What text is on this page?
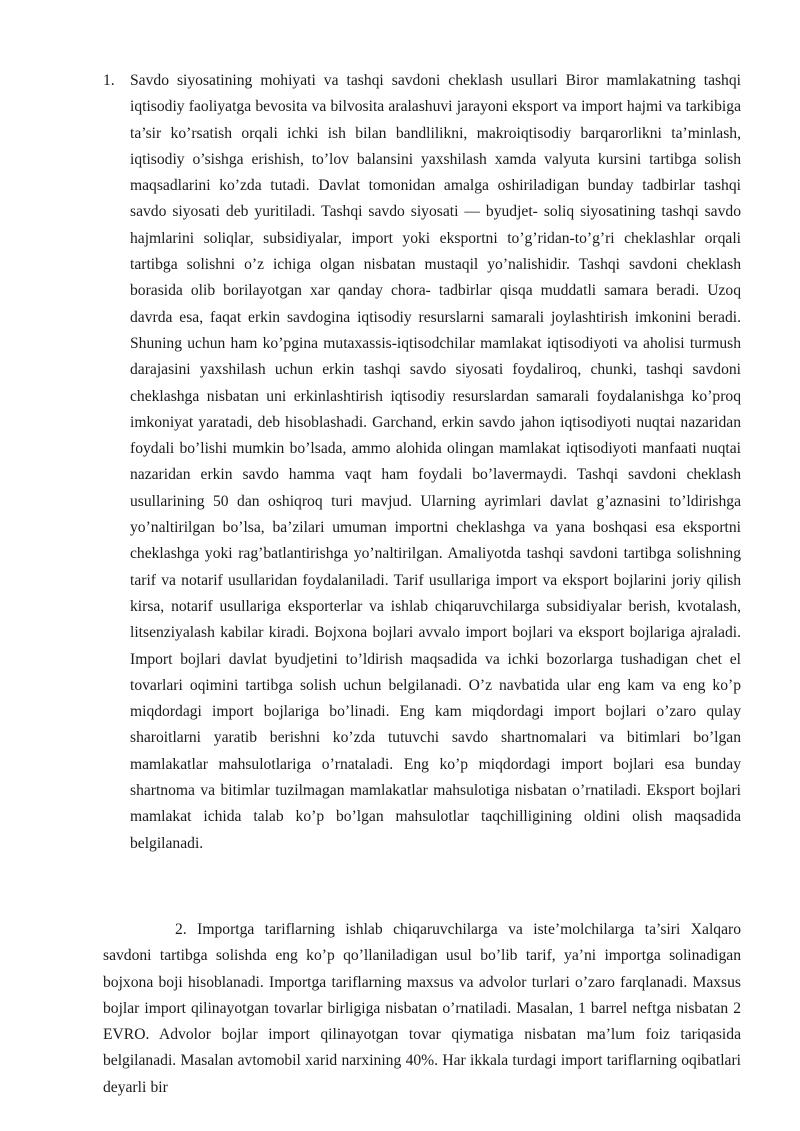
1. Savdo siyosatining mohiyati va tashqi savdoni cheklash usullari Biror mamlakatning tashqi iqtisodiy faoliyatga bevosita va bilvosita aralashuvi jarayoni eksport va import hajmi va tarkibiga ta’sir ko’rsatish orqali ichki ish bilan bandlilikni, makroiqtisodiy barqarorlikni ta’minlash, iqtisodiy o’sishga erishish, to’lov balansini yaxshilash xamda valyuta kursini tartibga solish maqsadlarini ko’zda tutadi. Davlat tomonidan amalga oshiriladigan bunday tadbirlar tashqi savdo siyosati deb yuritiladi. Tashqi savdo siyosati — byudjet- soliq siyosatining tashqi savdo hajmlarini soliqlar, subsidiyalar, import yoki eksportni to’g’ridan-to’g’ri cheklashlar orqali tartibga solishni o’z ichiga olgan nisbatan mustaqil yo’nalishidir. Tashqi savdoni cheklash borasida olib borilayotgan xar qanday chora- tadbirlar qisqa muddatli samara beradi. Uzoq davrda esa, faqat erkin savdogina iqtisodiy resurslarni samarali joylashtirish imkonini beradi. Shuning uchun ham ko’pgina mutaxassis-iqtisodchilar mamlakat iqtisodiyoti va aholisi turmush darajasini yaxshilash uchun erkin tashqi savdo siyosati foydaliroq, chunki, tashqi savdoni cheklashga nisbatan uni erkinlashtirish iqtisodiy resurslardan samarali foydalanishga ko’proq imkoniyat yaratadi, deb hisoblashadi. Garchand, erkin savdo jahon iqtisodiyoti nuqtai nazaridan foydali bo’lishi mumkin bo’lsada, ammo alohida olingan mamlakat iqtisodiyoti manfaati nuqtai nazaridan erkin savdo hamma vaqt ham foydali bo’lavermaydi. Tashqi savdoni cheklash usullarining 50 dan oshiqroq turi mavjud. Ularning ayrimlari davlat g’aznasini to’ldirishga yo’naltirilgan bo’lsa, ba’zilari umuman importni cheklashga va yana boshqasi esa eksportni cheklashga yoki rag’batlantirishga yo’naltirilgan. Amaliyotda tashqi savdoni tartibga solishning tarif va notarif usullaridan foydalaniladi. Tarif usullariga import va eksport bojlarini joriy qilish kirsa, notarif usullariga eksporterlar va ishlab chiqaruvchilarga subsidiyalar berish, kvotalash, litsenziyalash kabilar kiradi. Bojxona bojlari avvalo import bojlari va eksport bojlariga ajraladi. Import bojlari davlat byudjetini to’ldirish maqsadida va ichki bozorlarga tushadigan chet el tovarlari oqimini tartibga solish uchun belgilanadi. O’z navbatida ular eng kam va eng ko’p miqdordagi import bojlariga bo’linadi. Eng kam miqdordagi import bojlari o’zaro qulay sharoitlarni yaratib berishni ko’zda tutuvchi savdo shartnomalari va bitimlari bo’lgan mamlakatlar mahsulotlariga o’rnataladi. Eng ko’p miqdordagi import bojlari esa bunday shartnoma va bitimlar tuzilmagan mamlakatlar mahsulotiga nisbatan o’rnatiladi. Eksport bojlari mamlakat ichida talab ko’p bo’lgan mahsulotlar taqchilligining oldini olish maqsadida belgilanadi.
2. Importga tariflarning ishlab chiqaruvchilarga va iste’molchilarga ta’siri Xalqaro savdoni tartibga solishda eng ko’p qo’llaniladigan usul bo’lib tarif, ya’ni importga solinadigan bojxona boji hisoblanadi. Importga tariflarning maxsus va advolor turlari o’zaro farqlanadi. Maxsus bojlar import qilinayotgan tovarlar birligiga nisbatan o’rnatiladi. Masalan, 1 barrel neftga nisbatan 2 EVRO. Advolor bojlar import qilinayotgan tovar qiymatiga nisbatan ma’lum foiz tariqasida belgilanadi. Masalan avtomobil xarid narxining 40%. Har ikkala turdagi import tariflarning oqibatlari deyarli bir
